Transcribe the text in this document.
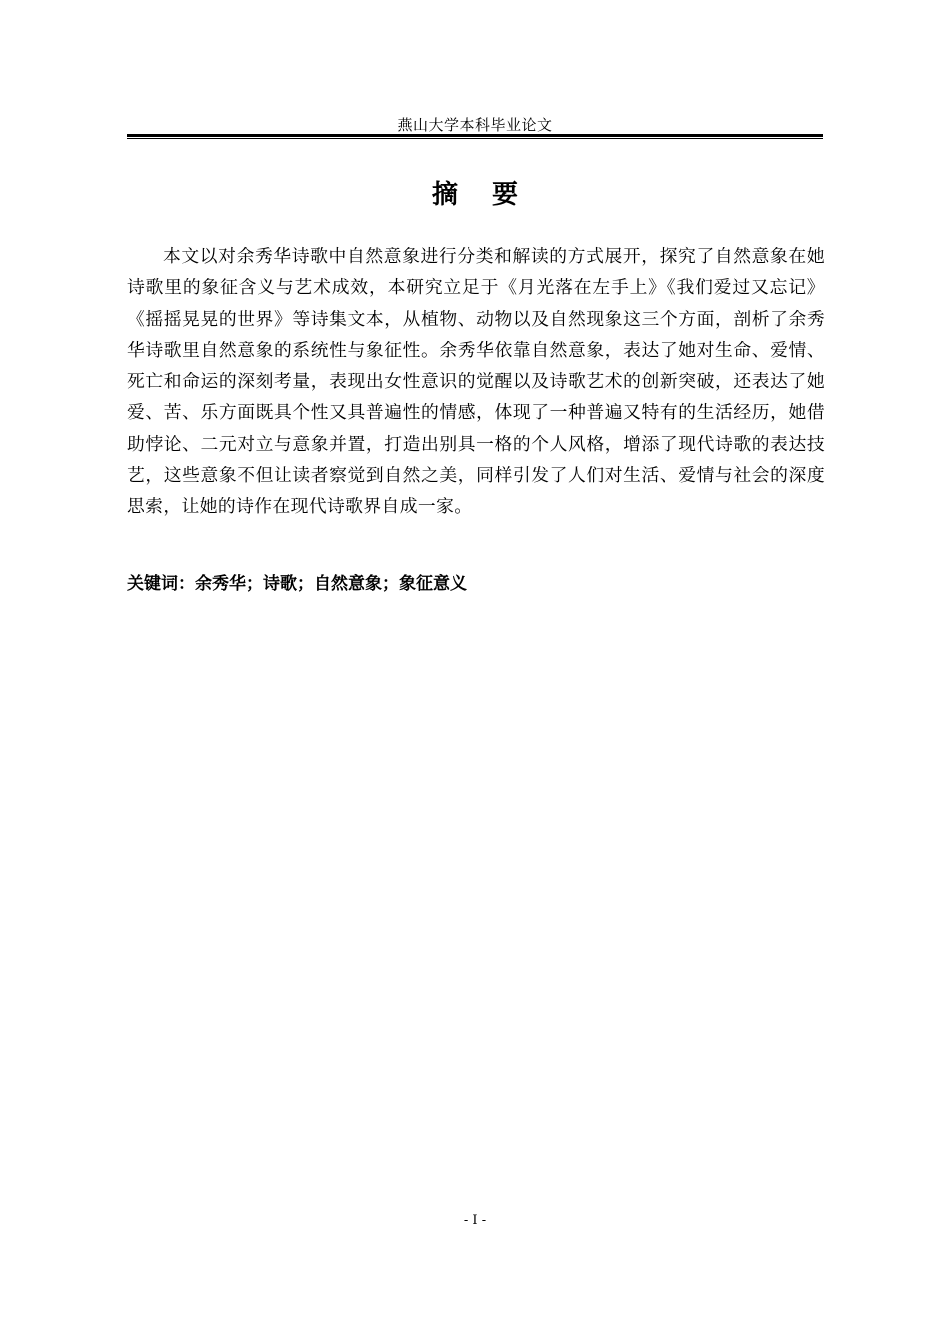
燕山大学本科毕业论文
摘要

本文以对余秀华诗歌中自然意象进行分类和解读的方式展开，探究了自然意象在她诗歌里的象征含义与艺术成效，本研究立足于《月光落在左手上》《我们爱过又忘记》《摇摇晃晃的世界》等诗集文本，从植物、动物以及自然现象这三个方面，剖析了余秀华诗歌里自然意象的系统性与象征性。余秀华依靠自然意象，表达了她对生命、爱情、死亡和命运的深刻考量，表现出女性意识的觉醒以及诗歌艺术的创新突破，还表达了她爱、苦、乐方面既具个性又具普遍性的情感，体现了一种普遍又特有的生活经历，她借助悖论、二元对立与意象并置，打造出别具一格的个人风格，增添了现代诗歌的表达技艺，这些意象不但让读者察觉到自然之美，同样引发了人们对生活、爱情与社会的深度思索，让她的诗作在现代诗歌界自成一家。

关键词：余秀华；诗歌；自然意象；象征意义
- I -
